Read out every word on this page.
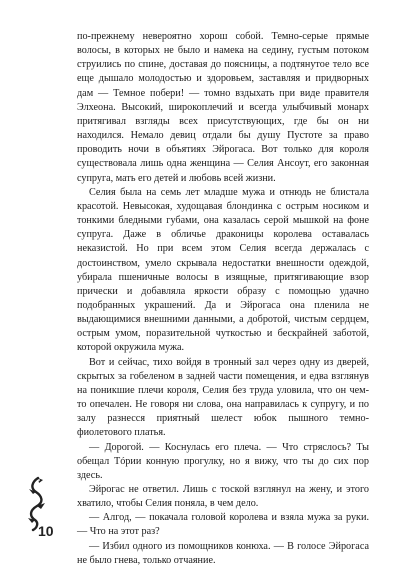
по-прежнему невероятно хорош собой. Темно-серые прямые волосы, в которых не было и намека на седину, густым потоком струились по спине, доставая до поясницы, а подтянутое тело все еще дышало молодостью и здоровьем, заставляя и придворных дам — Темное побери! — томно вздыхать при виде правителя Элхеона. Высокий, широкоплечий и всегда улыбчивый монарх притягивал взгляды всех присутствующих, где бы он ни находился. Немало девиц отдали бы душу Пустоте за право проводить ночи в объятиях Эйрогаса. Вот только для короля существовала лишь одна женщина — Селия Ансоут, его законная супруга, мать его детей и любовь всей жизни.

Селия была на семь лет младше мужа и отнюдь не блистала красотой. Невысокая, худощавая блондинка с острым носиком и тонкими бледными губами, она казалась серой мышкой на фоне супруга. Даже в обличье драконицы королева оставалась неказистой. Но при всем этом Селия всегда держалась с достоинством, умело скрывала недостатки внешности одеждой, убирала пшеничные волосы в изящные, притягивающие взор прически и добавляла яркости образу с помощью удачно подобранных украшений. Да и Эйрогаса она пленила не выдающимися внешними данными, а добротой, чистым сердцем, острым умом, поразительной чуткостью и бескрайней заботой, которой окружила мужа.

Вот и сейчас, тихо войдя в тронный зал через одну из дверей, скрытых за гобеленом в задней части помещения, и едва взглянув на поникшие плечи короля, Селия без труда уловила, что он чем-то опечален. Не говоря ни слова, она направилась к супругу, и по залу разнесся приятный шелест юбок пышного темно-фиолетового платья.

— Дорогой. — Коснулась его плеча. — Что стряслось? Ты обещал Тóрии конную прогулку, но я вижу, что ты до сих пор здесь.

Эйрогас не ответил. Лишь с тоской взглянул на жену, и этого хватило, чтобы Селия поняла, в чем дело.

— Алгод, — покачала головой королева и взяла мужа за руки. — Что на этот раз?

— Избил одного из помощников конюха. — В голосе Эйрогаса не было гнева, только отчаяние.

10
